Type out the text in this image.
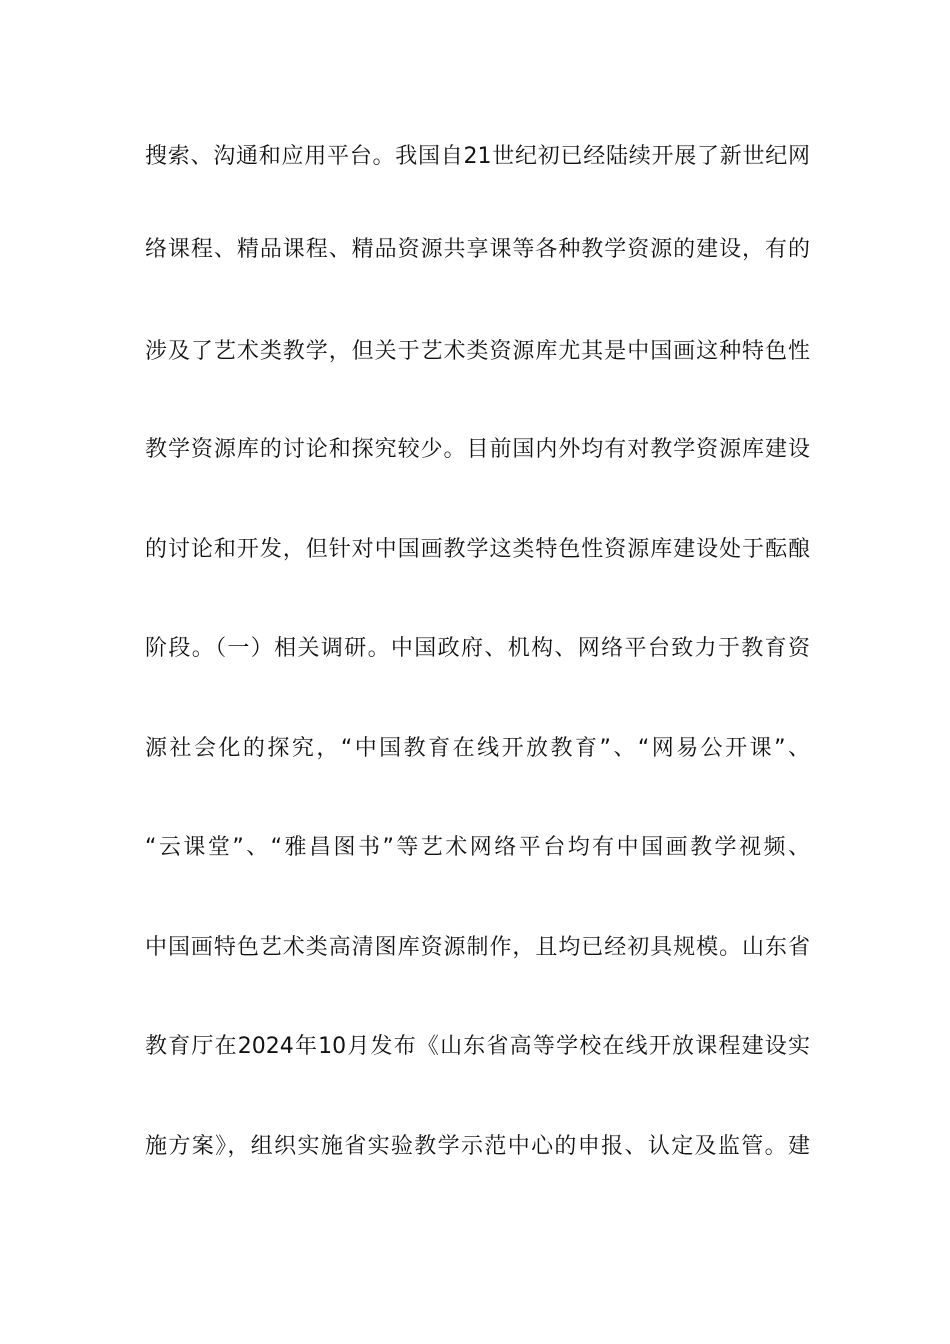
搜索、沟通和应用平台。我国自21世纪初已经陆续开展了新世纪网
络课程、精品课程、精品资源共享课等各种教学资源的建设，有的
涉及了艺术类教学，但关于艺术类资源库尤其是中国画这种特色性
教学资源库的讨论和探究较少。目前国内外均有对教学资源库建设
的讨论和开发，但针对中国画教学这类特色性资源库建设处于酝酿
阶段。（一）相关调研。中国政府、机构、网络平台致力于教育资
源社会化的探究，“中国教育在线开放教育”、“网易公开课”、
“云课堂”、“雅昌图书”等艺术网络平台均有中国画教学视频、
中国画特色艺术类高清图库资源制作，且均已经初具规模。山东省
教育厅在2024年10月发布《山东省高等学校在线开放课程建设实
施方案》，组织实施省实验教学示范中心的申报、认定及监管。建
